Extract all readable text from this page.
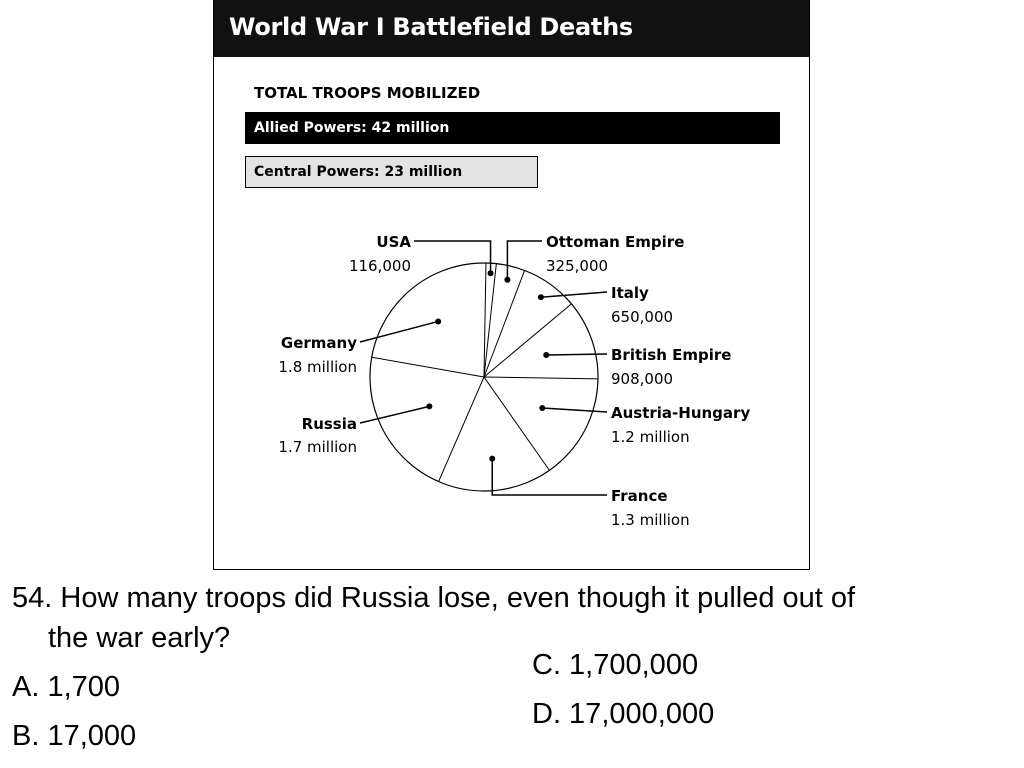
World War I Battlefield Deaths
TOTAL TROOPS MOBILIZED
Allied Powers: 42 million
Central Powers: 23 million
USA
116,000
Ottoman Empire
325,000
Italy
650,000
British Empire
908,000
Austria-Hungary
1.2 million
France
1.3 million
Russia
1.7 million
Germany
1.8 million
54. How many troops did Russia lose, even though it pulled out of
the war early?
A. 1,700
B. 17,000
C. 1,700,000
D. 17,000,000
